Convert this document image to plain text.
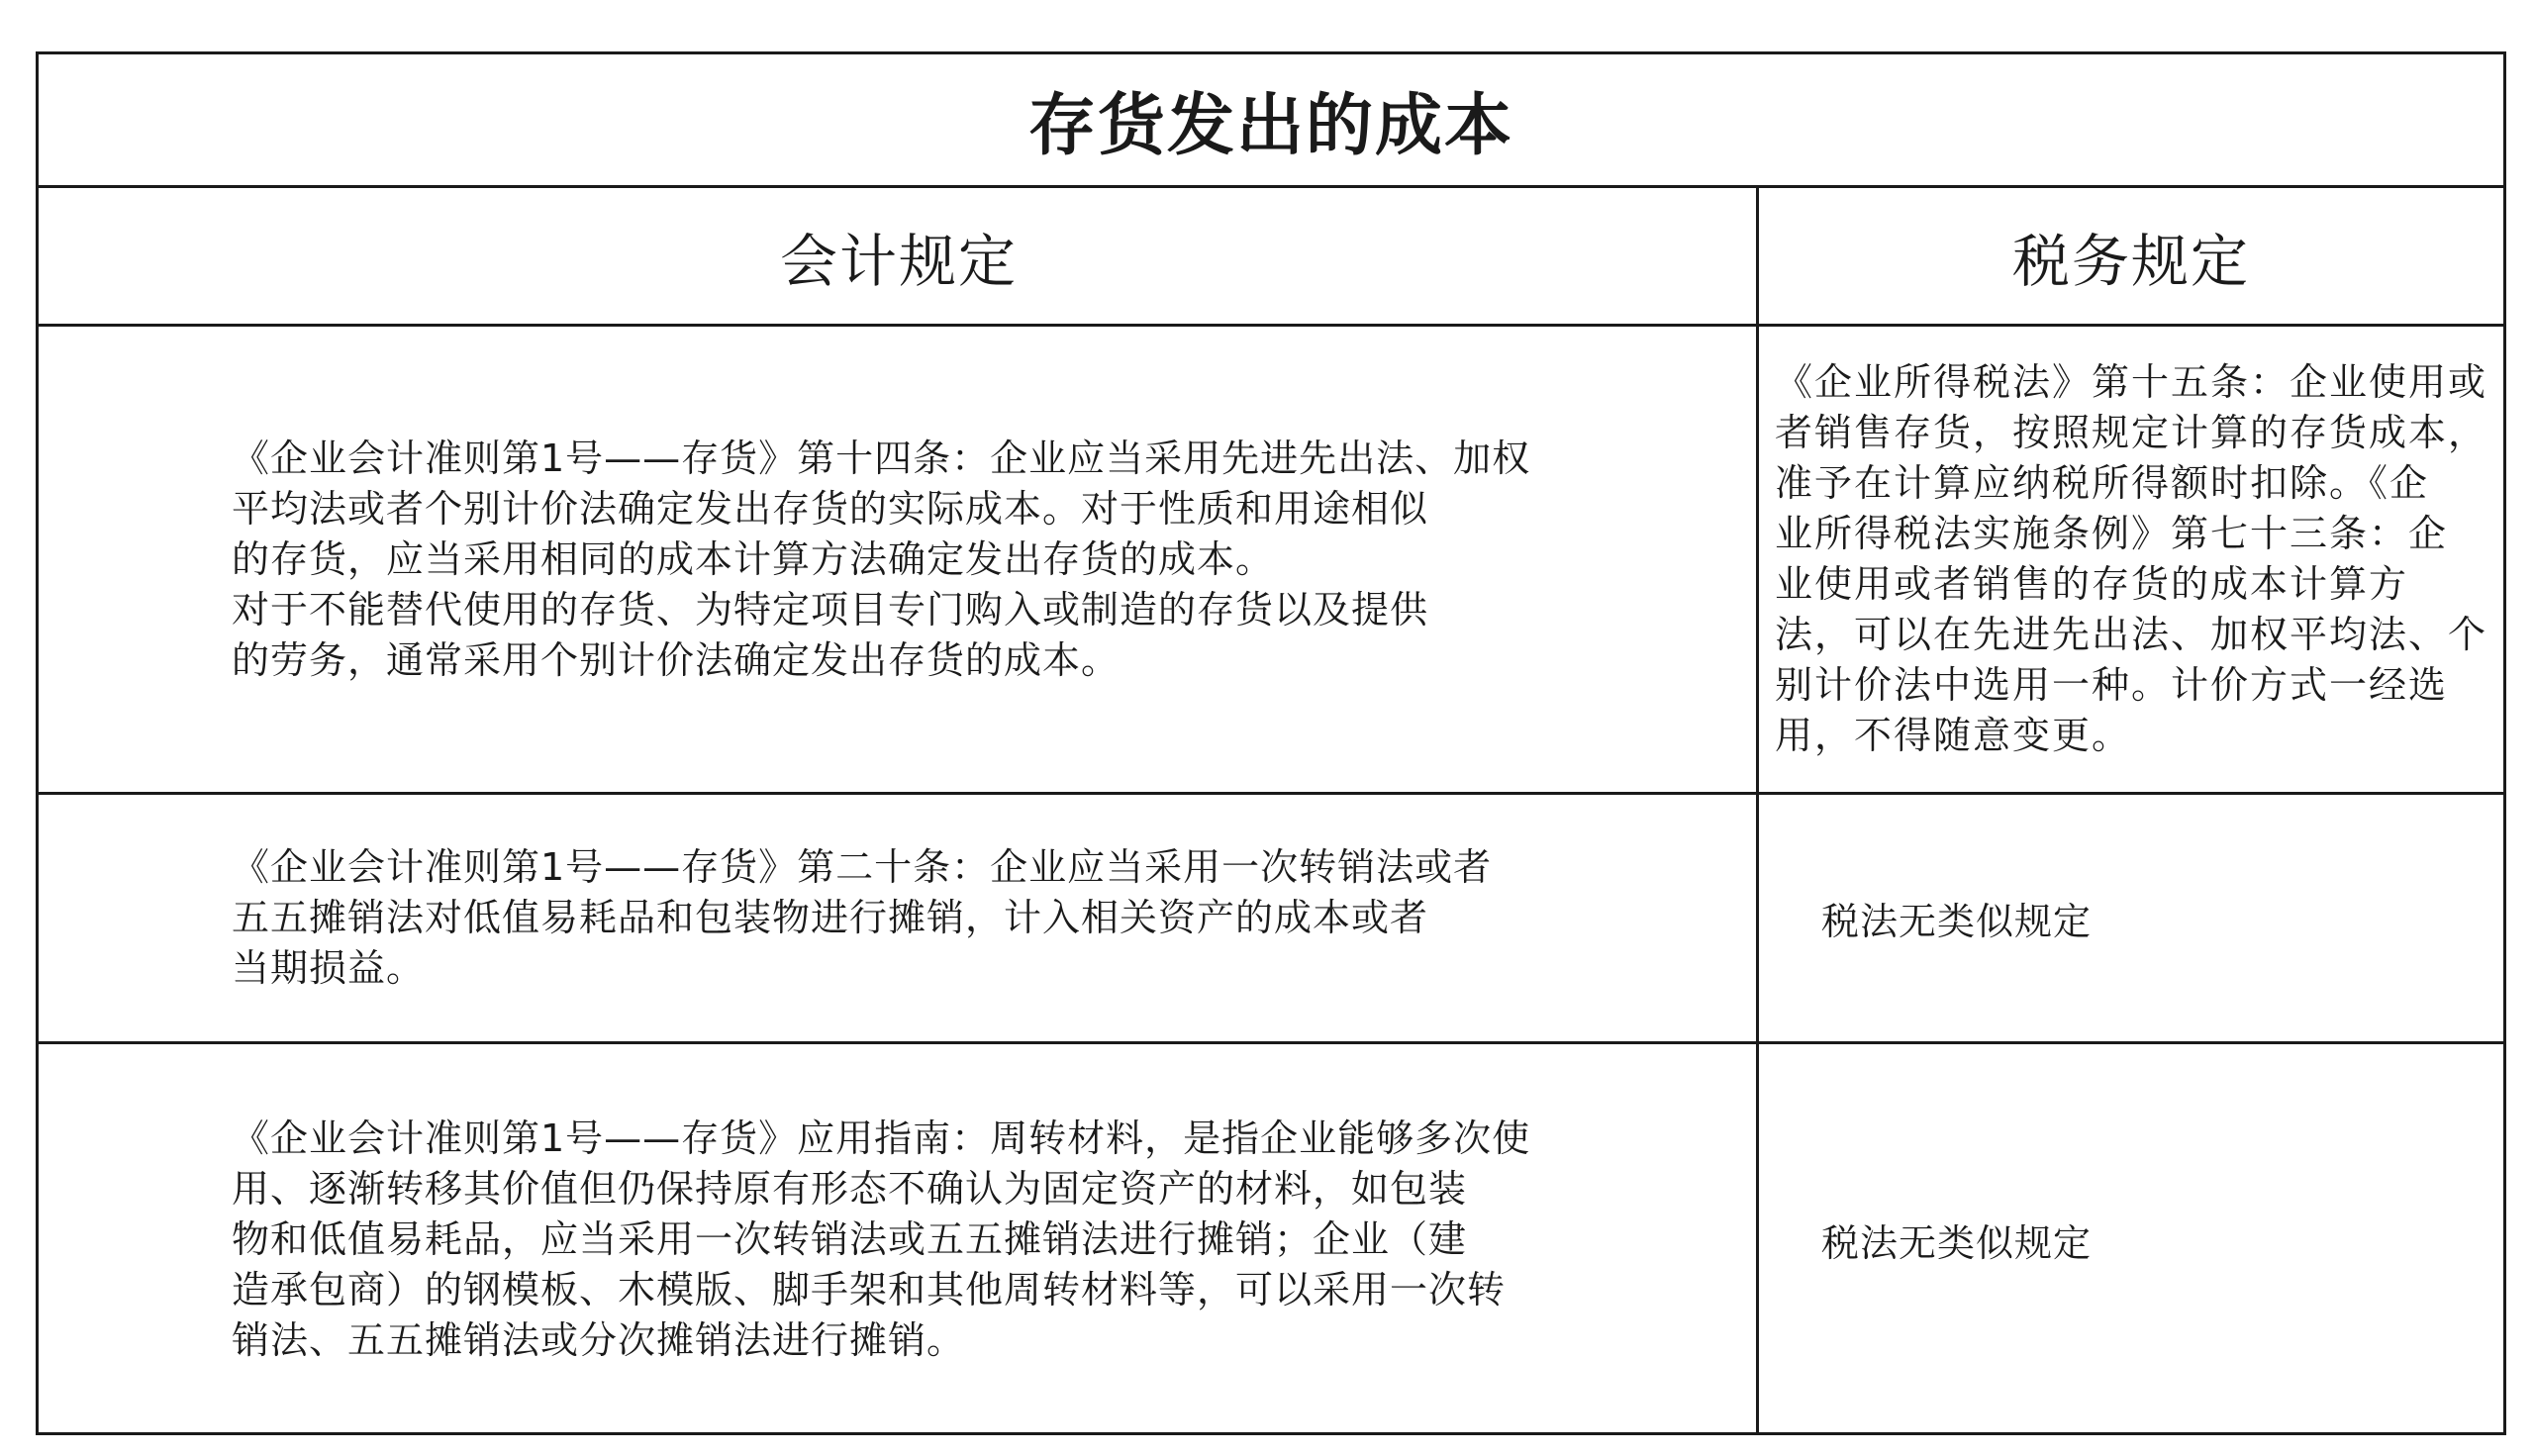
存货发出的成本
会计规定	税务规定

《企业会计准则第1号——存货》第十四条：企业应当采用先进先出法、加权
平均法或者个别计价法确定发出存货的实际成本。对于性质和用途相似
的存货，应当采用相同的成本计算方法确定发出存货的成本。
对于不能替代使用的存货、为特定项目专门购入或制造的存货以及提供
的劳务，通常采用个别计价法确定发出存货的成本。

《企业所得税法》第十五条：企业使用或
者销售存货，按照规定计算的存货成本，
准予在计算应纳税所得额时扣除。《企
业所得税法实施条例》第七十三条：企
业使用或者销售的存货的成本计算方
法，可以在先进先出法、加权平均法、个
别计价法中选用一种。计价方式一经选
用，不得随意变更。

《企业会计准则第1号——存货》第二十条：企业应当采用一次转销法或者
五五摊销法对低值易耗品和包装物进行摊销，计入相关资产的成本或者
当期损益。

税法无类似规定

《企业会计准则第1号——存货》应用指南：周转材料，是指企业能够多次使
用、逐渐转移其价值但仍保持原有形态不确认为固定资产的材料，如包装
物和低值易耗品，应当采用一次转销法或五五摊销法进行摊销；企业（建
造承包商）的钢模板、木模版、脚手架和其他周转材料等，可以采用一次转
销法、五五摊销法或分次摊销法进行摊销。

税法无类似规定
